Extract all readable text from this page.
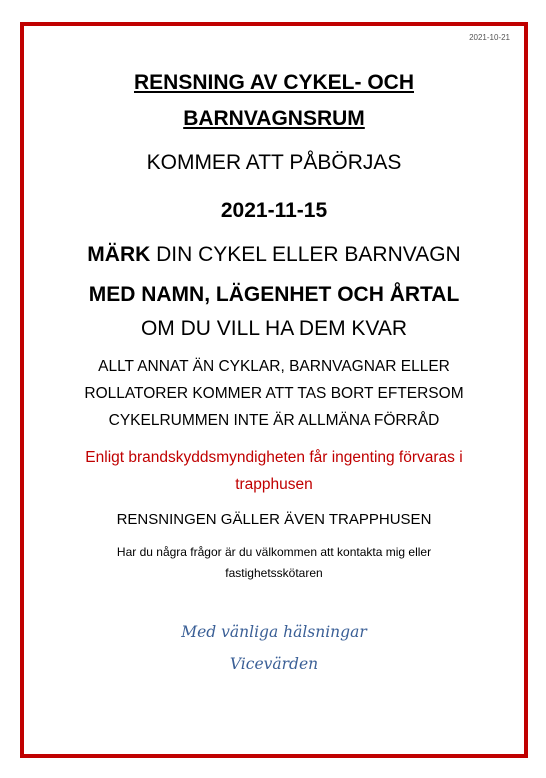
2021-10-21
RENSNING AV CYKEL- OCH
BARNVAGNSRUM
KOMMER ATT PÅBÖRJAS
2021-11-15
MÄRK DIN CYKEL ELLER BARNVAGN
MED NAMN, LÄGENHET OCH ÅRTAL
OM DU VILL HA DEM KVAR
ALLT ANNAT ÄN CYKLAR, BARNVAGNAR ELLER
ROLLATORER KOMMER ATT TAS BORT EFTERSOM
CYKELRUMMEN INTE ÄR ALLMÄNA FÖRRÅD
Enligt brandskyddsmyndigheten får ingenting förvaras i
trapphusen
RENSNINGEN GÄLLER ÄVEN TRAPPHUSEN
Har du några frågor är du välkommen att kontakta mig eller
fastighetsskötaren
Med vänliga hälsningar
Vicevärden
